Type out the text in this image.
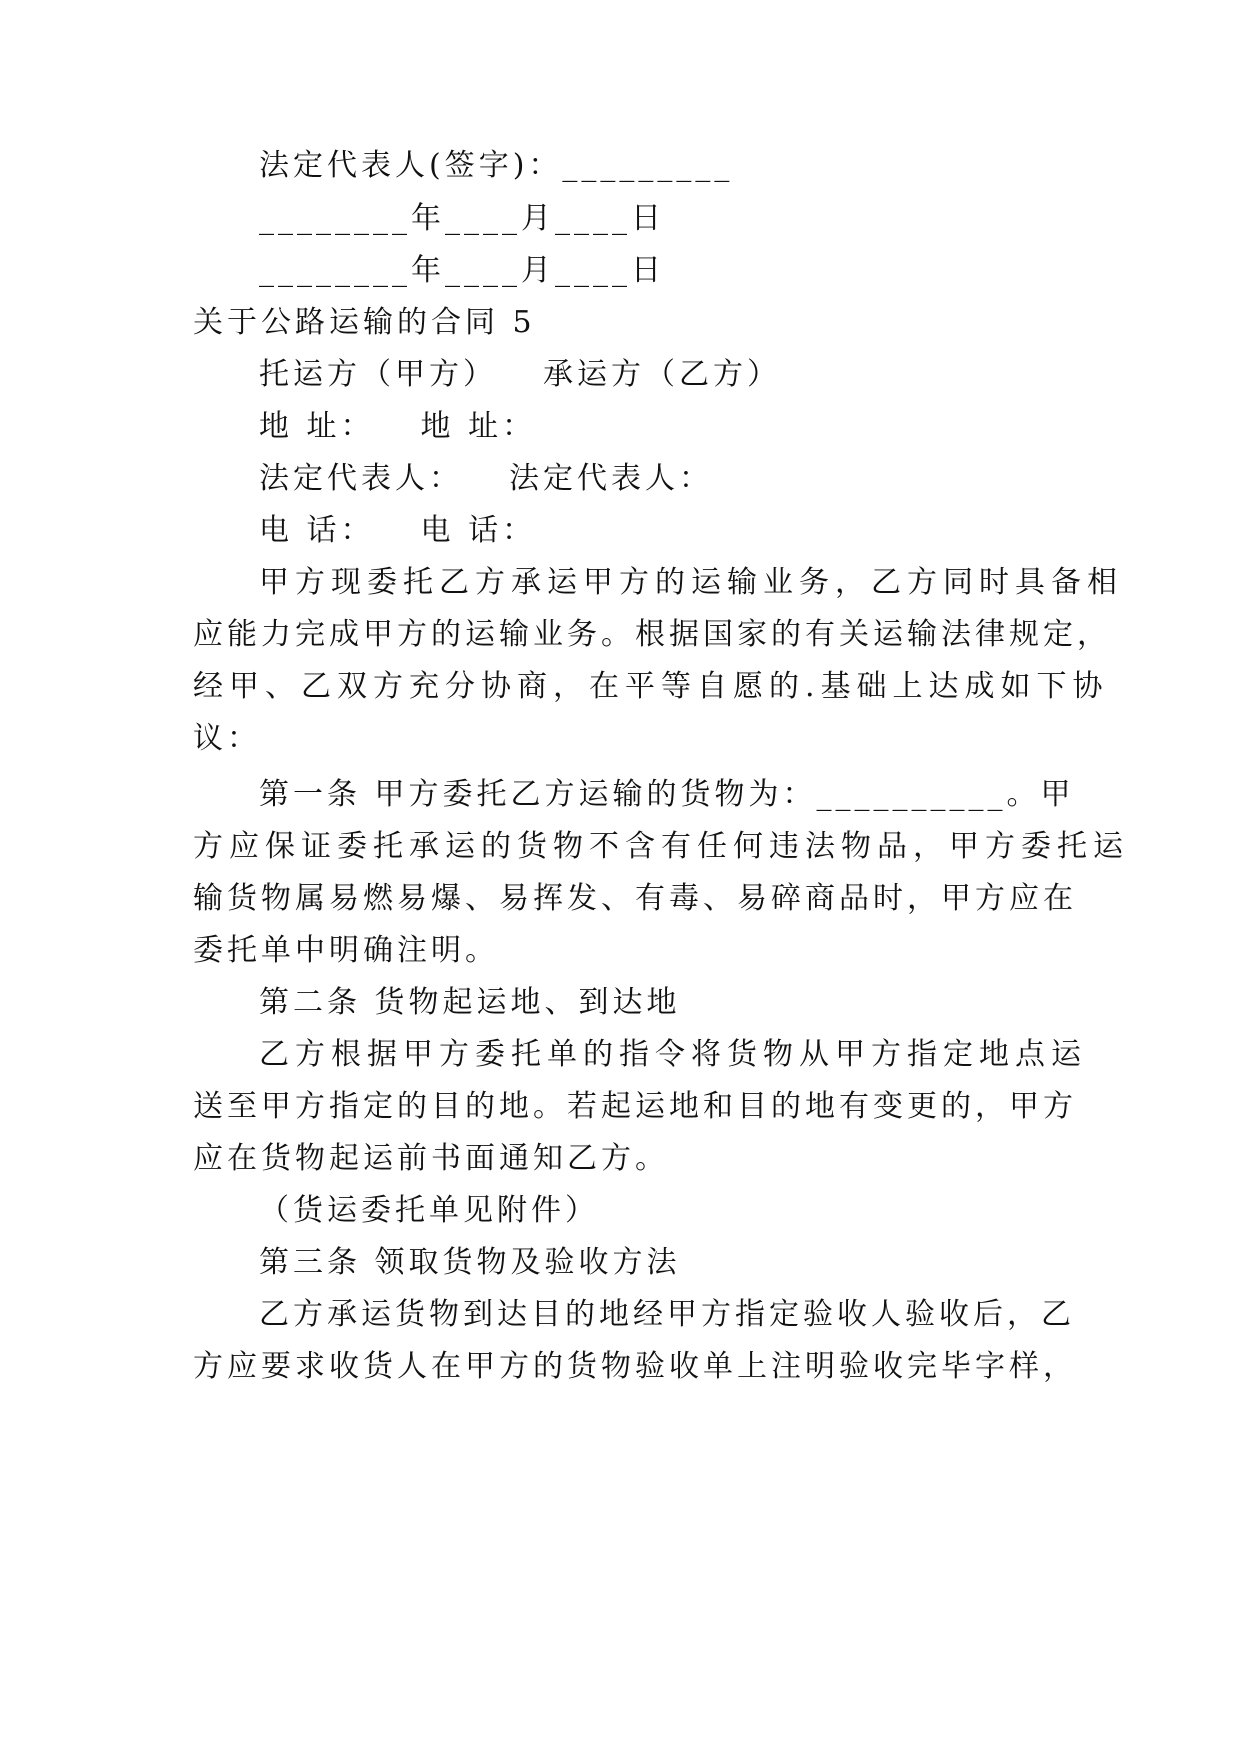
法定代表人(签字)：_________

________年____月____日

________年____月____日

关于公路运输的合同 5

托运方（甲方） 承运方（乙方）

地 址： 地 址：

法定代表人： 法定代表人：

电 话： 电 话：

甲方现委托乙方承运甲方的运输业务，乙方同时具备相

应能力完成甲方的运输业务。根据国家的有关运输法律规定，

经甲、乙双方充分协商，在平等自愿的.基础上达成如下协

议：

第一条 甲方委托乙方运输的货物为：__________。甲

方应保证委托承运的货物不含有任何违法物品，甲方委托运

输货物属易燃易爆、易挥发、有毒、易碎商品时，甲方应在

委托单中明确注明。

第二条 货物起运地、到达地

乙方根据甲方委托单的指令将货物从甲方指定地点运

送至甲方指定的目的地。若起运地和目的地有变更的，甲方

应在货物起运前书面通知乙方。

（货运委托单见附件）

第三条 领取货物及验收方法

乙方承运货物到达目的地经甲方指定验收人验收后，乙

方应要求收货人在甲方的货物验收单上注明验收完毕字样，
